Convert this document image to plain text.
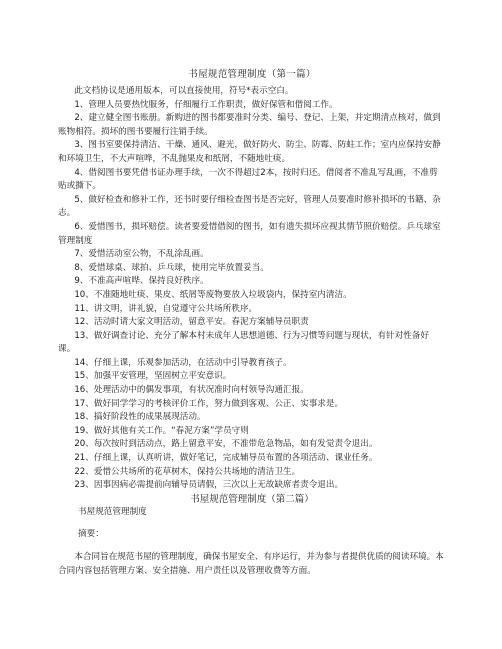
书屋规范管理制度（第一篇）

此文档协议是通用版本，可以直接使用，符号*表示空白。

1、管理人员要热忱服务，仔细履行工作职责，做好保管和借阅工作。

2、建立健全图书账册。新购进的图书都要准时分类、编号、登记、上架，并定期清点核对，做到账物相符。损坏的图书要履行注销手续。

3、图书室要保持清洁、干燥、通风、避光，做好防火、防尘、防霉、防蛀工作；室内应保持安静和环境卫生，不大声喧哗，不乱抛果皮和纸屑，不随地吐痰。

4、借阅图书要凭借书证办理手续，一次不得超过2本，按时归还。借阅者不准乱写乱画，不准剪贴或撕下。

5、做好检查和修补工作，还书时要仔细检查图书是否完好，管理人员要准时修补损坏的书籍、杂志。

6、爱惜图书，损坏赔偿。读者要爱惜借阅的图书，如有遗失损坏应视其情节照价赔偿。乒乓球室管理制度

7、爱惜活动室公物，不乱涂乱画。

8、爱惜球桌、球拍、乒乓球，使用完毕放置妥当。

9、不准高声喧哗、保持良好秩序。

10、不准随地吐痰、果皮、纸屑等废物要放入垃圾袋内，保持室内清洁。

11、讲文明，讲礼貌，自觉遵守公共场所秩序。

12、活动时请大家文明活动，留意平安。春泥方案辅导员职责

13、做好调查讨论、充分了解本村未成年人思想道德、行为习惯等问题与现状，有针对性备好课。

14、仔细上课，乐观参加活动，在活动中引导教育孩子。

15、加强平安管理，坚固树立平安意识。

16、处理活动中的偶发事项，有状况准时向村领导沟通汇报。

17、做好同学学习的考核评价工作，努力做到客观、公正、实事求是。

18、搞好阶段性的成果展现活动。

19、做好其他有关工作。“春泥方案”学员守则

20、每次按时到活动点，路上留意平安，不准带危急物品，如有发觉责令退出。

21、仔细上课，认真听讲，做好笔记，完成辅导员布置的各项活动、课业任务。

22、爱惜公共场所的花草树木，保持公共场地的清洁卫生。

23、因事因病必需提前向辅导员请假，三次以上无故缺席者责令退出。

书屋规范管理制度（第二篇）

书屋规范管理制度

摘要：

本合同旨在规范书屋的管理制度，确保书屋安全、有序运行，并为参与者提供优质的阅读环境。本合同内容包括管理方案、安全措施、用户责任以及管理收费等方面。
